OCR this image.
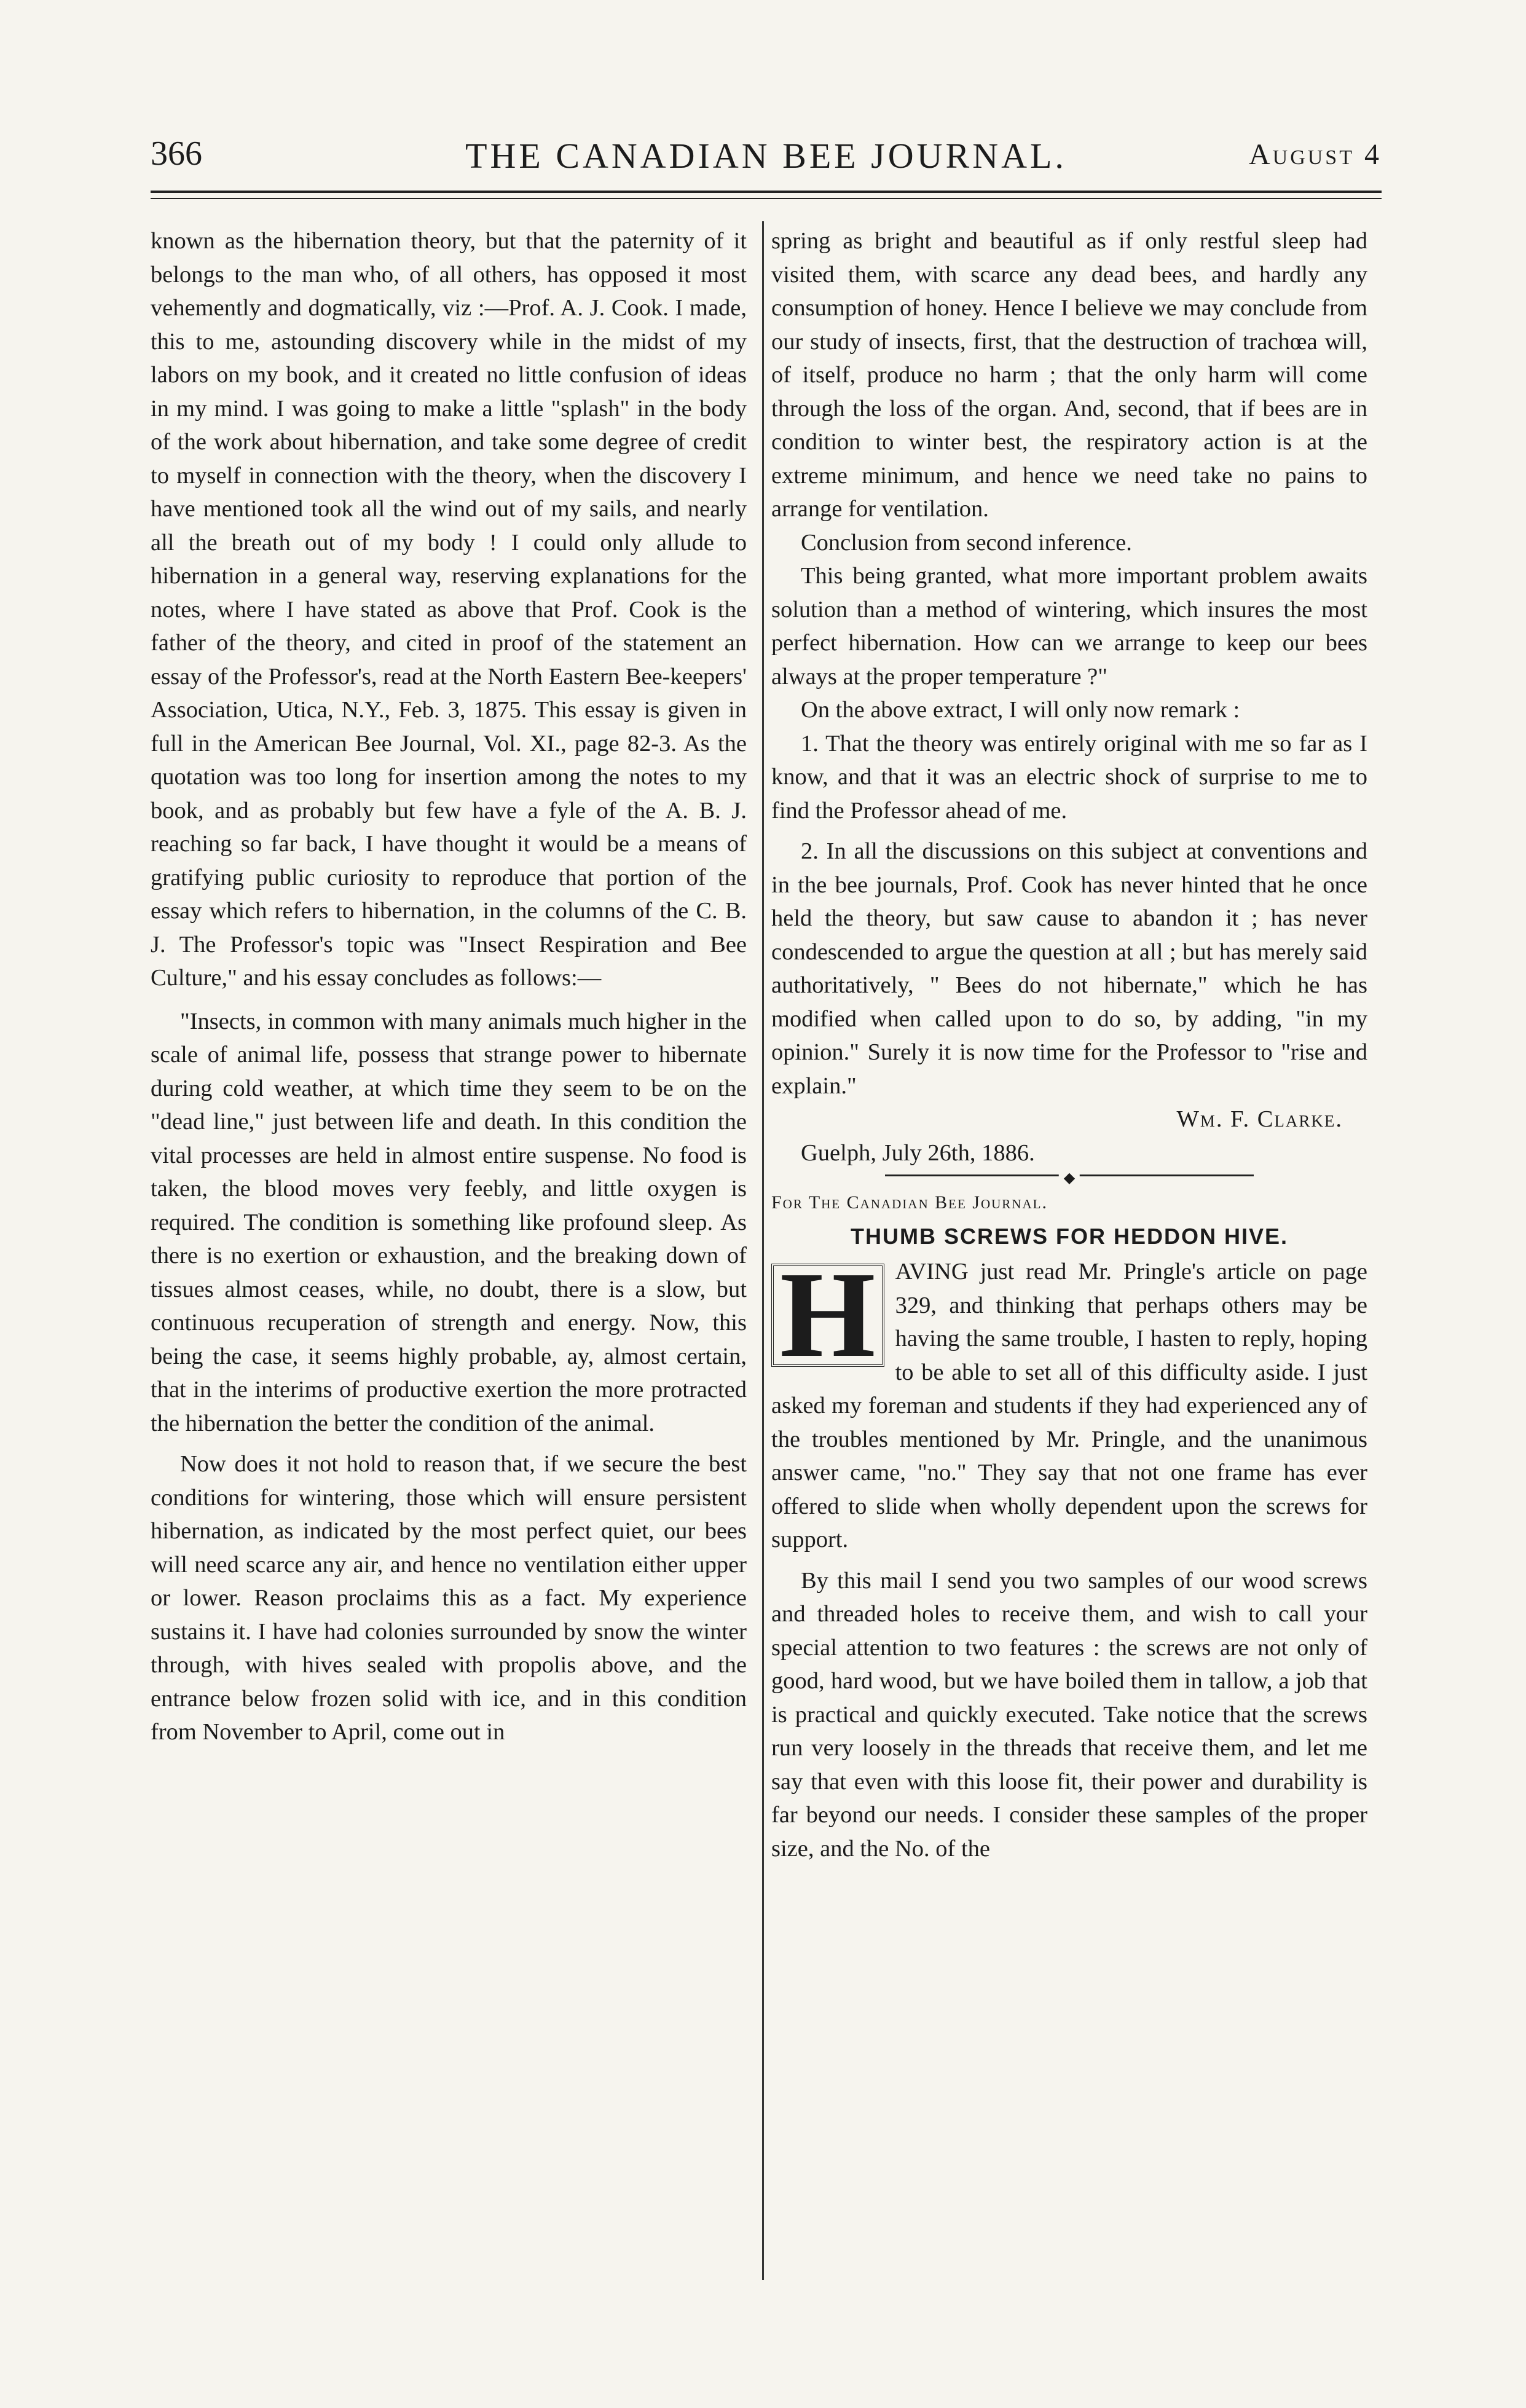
366	THE CANADIAN BEE JOURNAL.	August 4

known as the hibernation theory, but that the paternity of it belongs to the man who, of all others, has opposed it most vehemently and dogmatically, viz :—Prof. A. J. Cook. I made, this to me, astounding discovery while in the midst of my labors on my book, and it created no little confusion of ideas in my mind. I was going to make a little "splash" in the body of the work about hibernation, and take some degree of credit to myself in connection with the theory, when the discovery I have mentioned took all the wind out of my sails, and nearly all the breath out of my body ! I could only allude to hibernation in a general way, reserving explanations for the notes, where I have stated as above that Prof. Cook is the father of the theory, and cited in proof of the statement an essay of the Professor's, read at the North Eastern Bee-keepers' Association, Utica, N.Y., Feb. 3, 1875. This essay is given in full in the American Bee Journal, Vol. XI., page 82-3. As the quotation was too long for insertion among the notes to my book, and as probably but few have a fyle of the A. B. J. reaching so far back, I have thought it would be a means of gratifying public curiosity to reproduce that portion of the essay which refers to hibernation, in the columns of the C. B. J. The Professor's topic was "Insect Respiration and Bee Culture," and his essay concludes as follows:—

"Insects, in common with many animals much higher in the scale of animal life, possess that strange power to hibernate during cold weather, at which time they seem to be on the "dead line," just between life and death. In this condition the vital processes are held in almost entire suspense. No food is taken, the blood moves very feebly, and little oxygen is required. The condition is something like profound sleep. As there is no exertion or exhaustion, and the breaking down of tissues almost ceases, while, no doubt, there is a slow, but continuous recuperation of strength and energy. Now, this being the case, it seems highly probable, ay, almost certain, that in the interims of productive exertion the more protracted the hibernation the better the condition of the animal.

Now does it not hold to reason that, if we secure the best conditions for wintering, those which will ensure persistent hibernation, as indicated by the most perfect quiet, our bees will need scarce any air, and hence no ventilation either upper or lower. Reason proclaims this as a fact. My experience sustains it. I have had colonies surrounded by snow the winter through, with hives sealed with propolis above, and the entrance below frozen solid with ice, and in this condition from November to April, come out in

spring as bright and beautiful as if only restful sleep had visited them, with scarce any dead bees, and hardly any consumption of honey. Hence I believe we may conclude from our study of insects, first, that the destruction of trachœa will, of itself, produce no harm ; that the only harm will come through the loss of the organ. And, second, that if bees are in condition to winter best, the respiratory action is at the extreme minimum, and hence we need take no pains to arrange for ventilation.

Conclusion from second inference.

This being granted, what more important problem awaits solution than a method of wintering, which insures the most perfect hibernation. How can we arrange to keep our bees always at the proper temperature ?"

On the above extract, I will only now remark :

1. That the theory was entirely original with me so far as I know, and that it was an electric shock of surprise to me to find the Professor ahead of me.

2. In all the discussions on this subject at conventions and in the bee journals, Prof. Cook has never hinted that he once held the theory, but saw cause to abandon it ; has never condescended to argue the question at all ; but has merely said authoritatively, " Bees do not hibernate," which he has modified when called upon to do so, by adding, "in my opinion." Surely it is now time for the Professor to "rise and explain."

Wm. F. Clarke.
Guelph, July 26th, 1886.
◆
For The Canadian Bee Journal.
THUMB SCREWS FOR HEDDON HIVE.

H AVING just read Mr. Pringle's article on page 329, and thinking that perhaps others may be having the same trouble, I hasten to reply, hoping to be able to set all of this difficulty aside. I just asked my foreman and students if they had experienced any of the troubles mentioned by Mr. Pringle, and the unanimous answer came, "no." They say that not one frame has ever offered to slide when wholly dependent upon the screws for support.

By this mail I send you two samples of our wood screws and threaded holes to receive them, and wish to call your special attention to two features : the screws are not only of good, hard wood, but we have boiled them in tallow, a job that is practical and quickly executed. Take notice that the screws run very loosely in the threads that receive them, and let me say that even with this loose fit, their power and durability is far beyond our needs. I consider these samples of the proper size, and the No. of the
